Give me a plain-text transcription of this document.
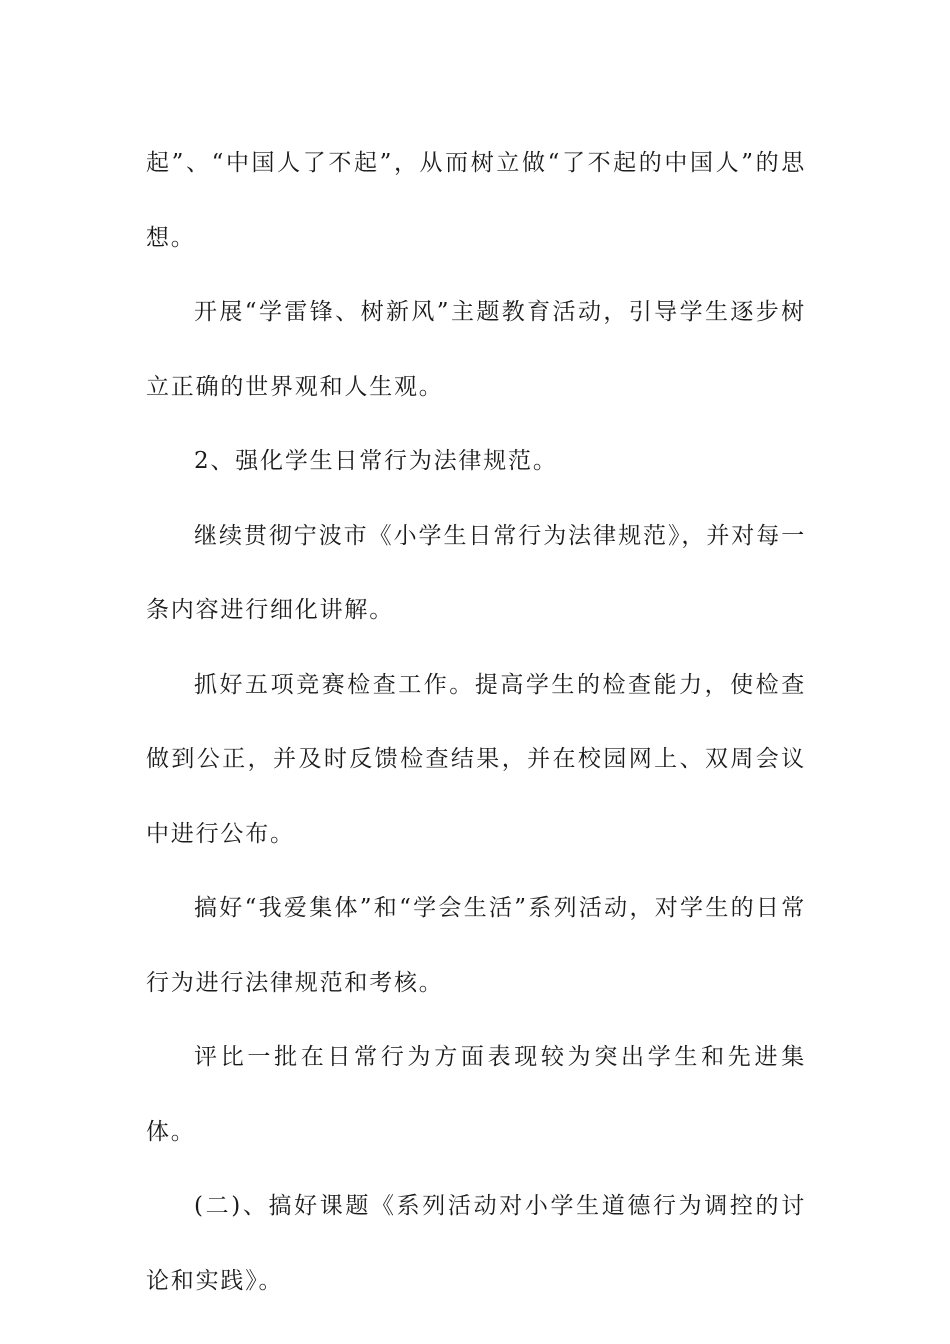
起”、“中国人了不起”，从而树立做“了不起的中国人”的思想。

开展“学雷锋、树新风”主题教育活动，引导学生逐步树立正确的世界观和人生观。

2、强化学生日常行为法律规范。

继续贯彻宁波市《小学生日常行为法律规范》，并对每一条内容进行细化讲解。

抓好五项竞赛检查工作。提高学生的检查能力，使检查做到公正，并及时反馈检查结果，并在校园网上、双周会议中进行公布。

搞好“我爱集体”和“学会生活”系列活动，对学生的日常行为进行法律规范和考核。

评比一批在日常行为方面表现较为突出学生和先进集体。

(二)、搞好课题《系列活动对小学生道德行为调控的讨论和实践》。
